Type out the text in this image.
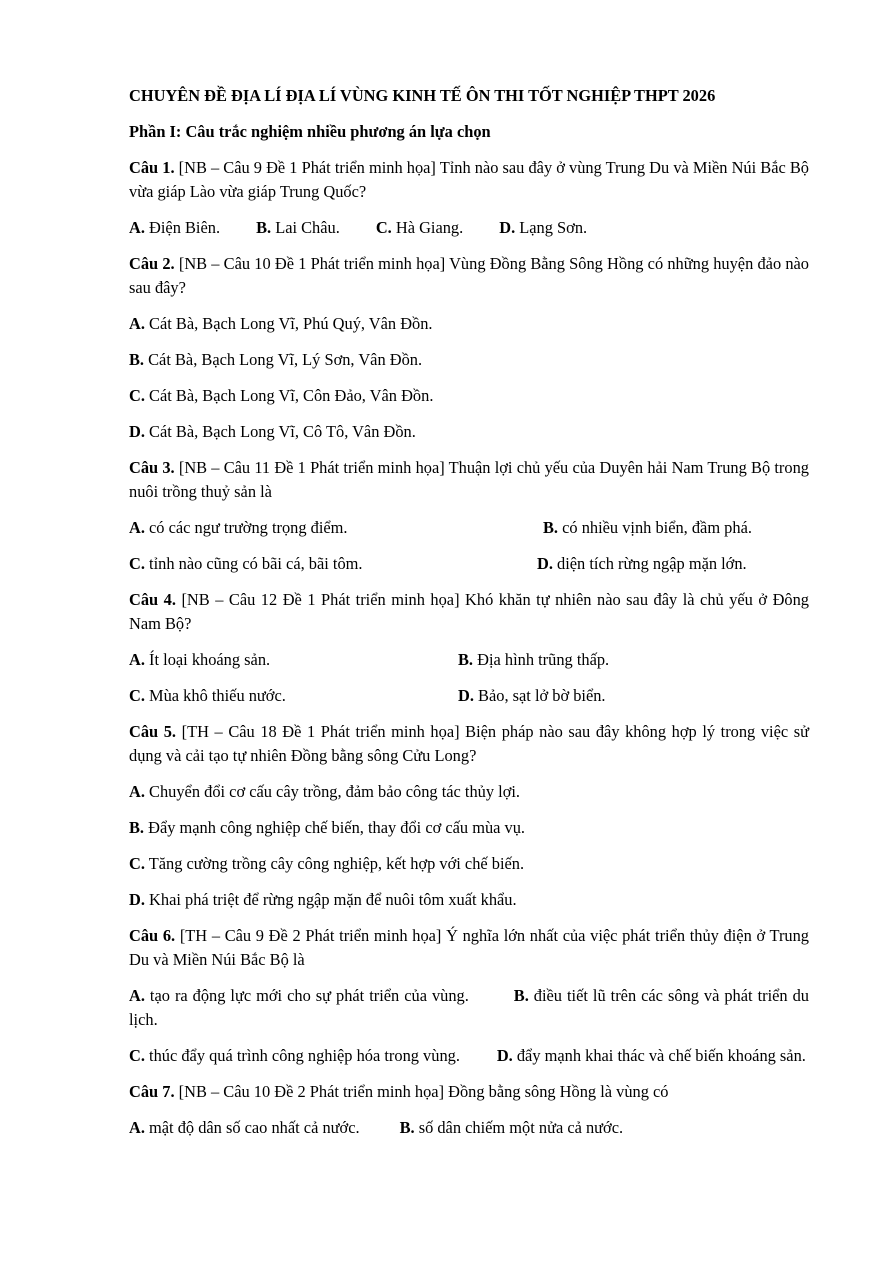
CHUYÊN ĐỀ ĐỊA LÍ ĐỊA LÍ VÙNG KINH TẾ ÔN THI TỐT NGHIỆP THPT 2026
Phần I: Câu trắc nghiệm nhiều phương án lựa chọn
Câu 1. [NB – Câu 9 Đề 1 Phát triển minh họa] Tỉnh nào sau đây ở vùng Trung Du và Miền Núi Bắc Bộ vừa giáp Lào vừa giáp Trung Quốc?
A. Điện Biên. B. Lai Châu. C. Hà Giang. D. Lạng Sơn.
Câu 2. [NB – Câu 10 Đề 1 Phát triển minh họa] Vùng Đồng Bằng Sông Hồng có những huyện đảo nào sau đây?
A. Cát Bà, Bạch Long Vĩ, Phú Quý, Vân Đồn.
B. Cát Bà, Bạch Long Vĩ, Lý Sơn, Vân Đồn.
C. Cát Bà, Bạch Long Vĩ, Côn Đảo, Vân Đồn.
D. Cát Bà, Bạch Long Vĩ, Cô Tô, Vân Đồn.
Câu 3. [NB – Câu 11 Đề 1 Phát triển minh họa] Thuận lợi chủ yếu của Duyên hải Nam Trung Bộ trong nuôi trồng thuỷ sản là
A. có các ngư trường trọng điểm.	B. có nhiều vịnh biển, đầm phá.
C. tỉnh nào cũng có bãi cá, bãi tôm.	D. diện tích rừng ngập mặn lớn.
Câu 4. [NB – Câu 12 Đề 1 Phát triển minh họa] Khó khăn tự nhiên nào sau đây là chủ yếu ở Đông Nam Bộ?
A. Ít loại khoáng sản.	B. Địa hình trũng thấp.
C. Mùa khô thiếu nước.	D. Bảo, sạt lở bờ biển.
Câu 5. [TH – Câu 18 Đề 1 Phát triển minh họa] Biện pháp nào sau đây không hợp lý trong việc sử dụng và cải tạo tự nhiên Đồng bằng sông Cửu Long?
A. Chuyển đổi cơ cấu cây trồng, đảm bảo công tác thủy lợi.
B. Đẩy mạnh công nghiệp chế biến, thay đổi cơ cấu mùa vụ.
C. Tăng cường trồng cây công nghiệp, kết hợp với chế biến.
D. Khai phá triệt để rừng ngập mặn để nuôi tôm xuất khẩu.
Câu 6. [TH – Câu 9 Đề 2 Phát triển minh họa] Ý nghĩa lớn nhất của việc phát triển thủy điện ở Trung Du và Miền Núi Bắc Bộ là
A. tạo ra động lực mới cho sự phát triển của vùng.	B. điều tiết lũ trên các sông và phát triển du lịch.
C. thúc đẩy quá trình công nghiệp hóa trong vùng. D. đẩy mạnh khai thác và chế biến khoáng sản.
Câu 7. [NB – Câu 10 Đề 2 Phát triển minh họa] Đồng bằng sông Hồng là vùng có
A. mật độ dân số cao nhất cả nước. B. số dân chiếm một nửa cả nước.
